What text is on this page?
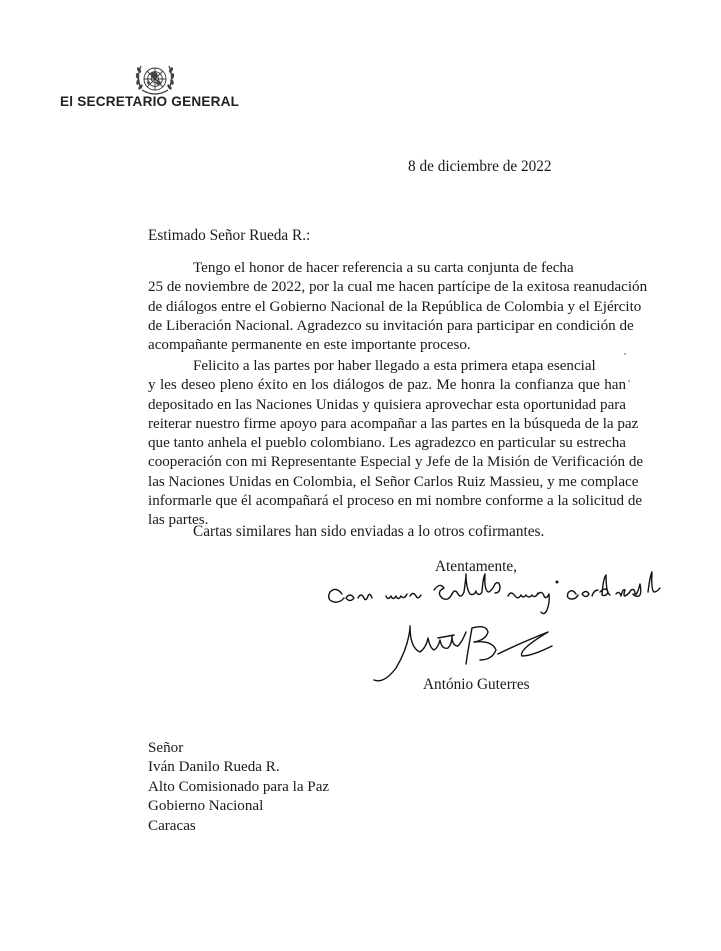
El SECRETARIO GENERAL
8 de diciembre de 2022
Estimado Señor Rueda R.:
Tengo el honor de hacer referencia a su carta conjunta de fecha
25 de noviembre de 2022, por la cual me hacen partícipe de la exitosa reanudación
de diálogos entre el Gobierno Nacional de la República de Colombia y el Ejército
de Liberación Nacional. Agradezco su invitación para participar en condición de
acompañante permanente en este importante proceso.
Felicito a las partes por haber llegado a esta primera etapa esencial
y les deseo pleno éxito en los diálogos de paz. Me honra la confianza que han
depositado en las Naciones Unidas y quisiera aprovechar esta oportunidad para
reiterar nuestro firme apoyo para acompañar a las partes en la búsqueda de la paz
que tanto anhela el pueblo colombiano. Les agradezco en particular su estrecha
cooperación con mi Representante Especial y Jefe de la Misión de Verificación de
las Naciones Unidas en Colombia, el Señor Carlos Ruiz Massieu, y me complace
informarle que él acompañará el proceso en mi nombre conforme a la solicitud de
las partes.
Cartas similares han sido enviadas a lo otros cofirmantes.
Atentamente,
António Guterres
Señor
Iván Danilo Rueda R.
Alto Comisionado para la Paz
Gobierno Nacional
Caracas
